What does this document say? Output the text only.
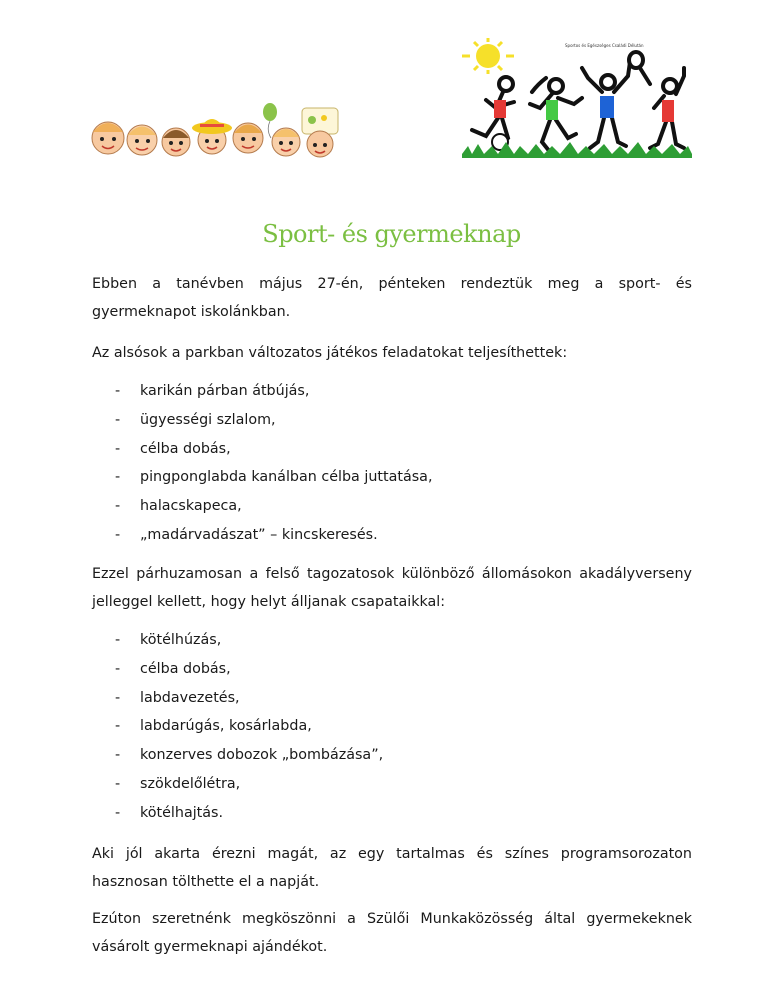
Sportos és Egészséges Családi Délután
Sport- és gyermeknap

Ebben a tanévben május 27-én, pénteken rendeztük meg a sport- és gyermeknapot iskolánkban.

Az alsósok a parkban változatos játékos feladatokat teljesíthettek:

- karikán párban átbújás,
- ügyességi szlalom,
- célba dobás,
- pingponglabda kanálban célba juttatása,
- halacskapeca,
- „madárvadászat” – kincskeresés.

Ezzel párhuzamosan a felső tagozatosok különböző állomásokon akadályverseny jelleggel kellett, hogy helyt álljanak csapataikkal:

- kötélhúzás,
- célba dobás,
- labdavezetés,
- labdarúgás, kosárlabda,
- konzerves dobozok „bombázása”,
- szökdelőlétra,
- kötélhajtás.

Aki jól akarta érezni magát, az egy tartalmas és színes programsorozaton hasznosan tölthette el a napját.

Ezúton szeretnénk megköszönni a Szülői Munkaközösség által gyermekeknek vásárolt gyermeknapi ajándékot.
